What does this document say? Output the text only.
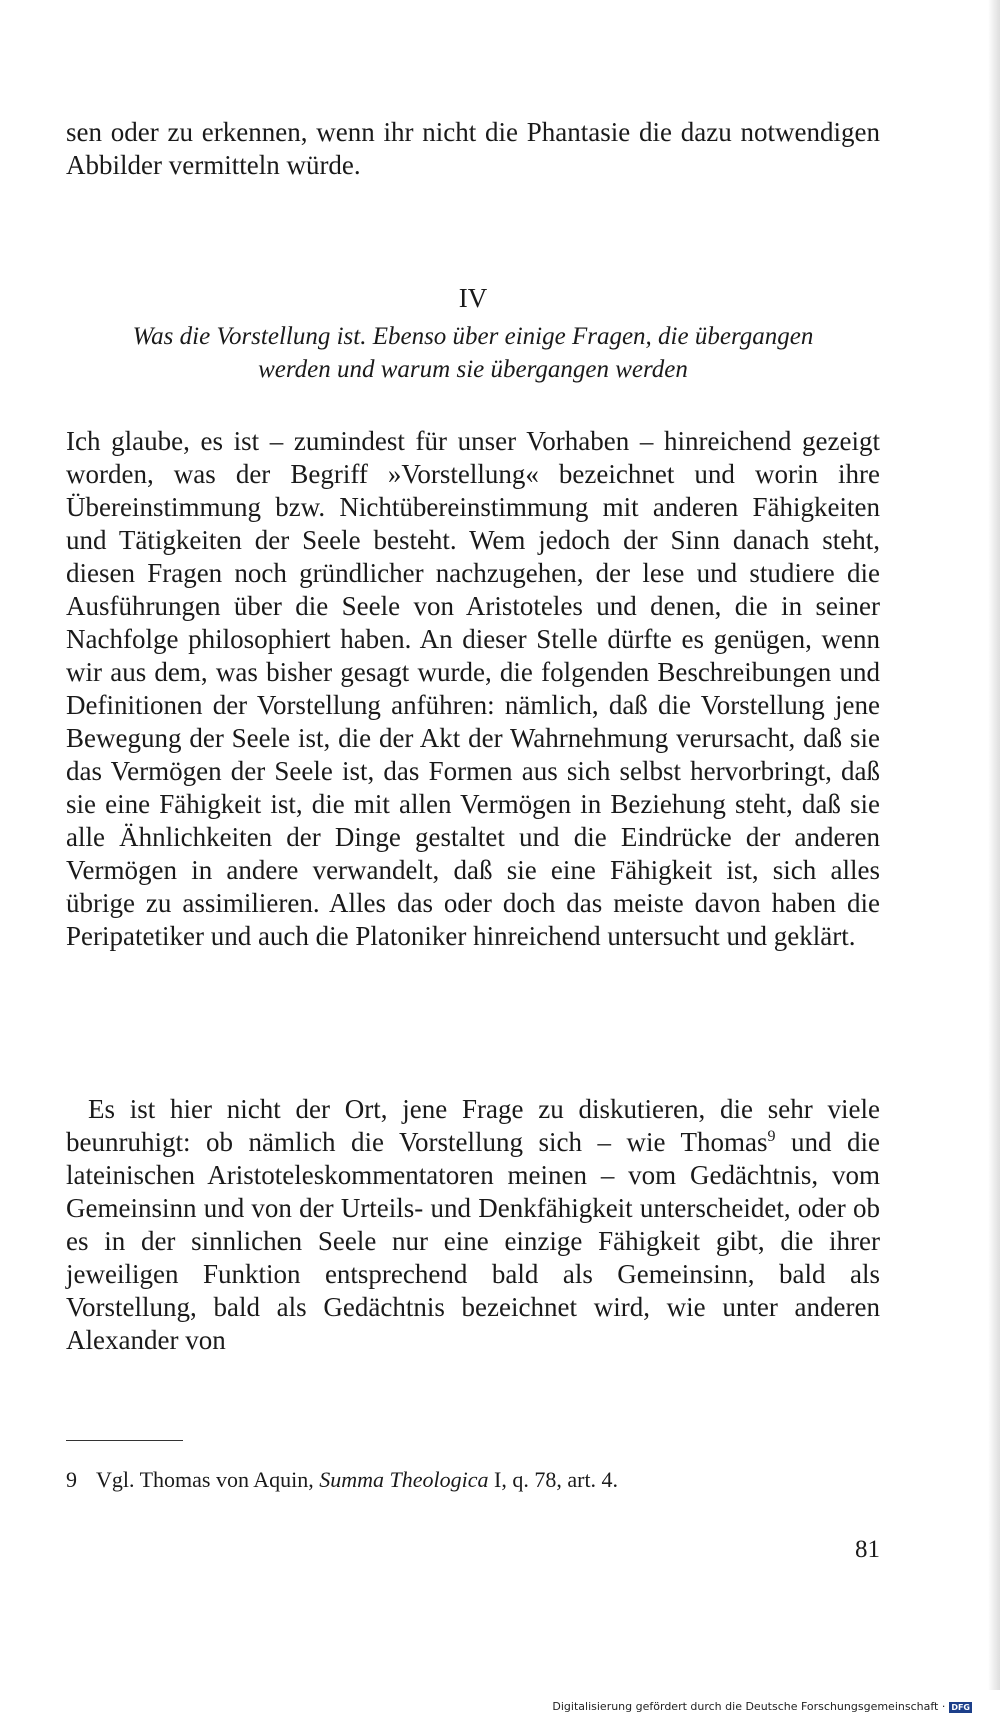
sen oder zu erkennen, wenn ihr nicht die Phantasie die dazu notwendigen Abbilder vermitteln würde.

IV
Was die Vorstellung ist. Ebenso über einige Fragen, die übergangen
werden und warum sie übergangen werden

Ich glaube, es ist – zumindest für unser Vorhaben – hinreichend gezeigt worden, was der Begriff »Vorstellung« bezeichnet und worin ihre Übereinstimmung bzw. Nichtübereinstimmung mit anderen Fähigkeiten und Tätigkeiten der Seele besteht. Wem jedoch der Sinn danach steht, diesen Fragen noch gründlicher nachzugehen, der lese und studiere die Ausführungen über die Seele von Aristoteles und denen, die in seiner Nachfolge philosophiert haben. An dieser Stelle dürfte es genügen, wenn wir aus dem, was bisher gesagt wurde, die folgenden Beschreibungen und Definitionen der Vorstellung anführen: nämlich, daß die Vorstellung jene Bewegung der Seele ist, die der Akt der Wahrnehmung verursacht, daß sie das Vermögen der Seele ist, das Formen aus sich selbst hervorbringt, daß sie eine Fähigkeit ist, die mit allen Vermögen in Beziehung steht, daß sie alle Ähnlichkeiten der Dinge gestaltet und die Eindrücke der anderen Vermögen in andere verwandelt, daß sie eine Fähigkeit ist, sich alles übrige zu assimilieren. Alles das oder doch das meiste davon haben die Peripatetiker und auch die Platoniker hinreichend untersucht und geklärt.

Es ist hier nicht der Ort, jene Frage zu diskutieren, die sehr viele beunruhigt: ob nämlich die Vorstellung sich – wie Thomas$^9$ und die lateinischen Aristoteleskommentatoren meinen – vom Gedächtnis, vom Gemeinsinn und von der Urteils- und Denkfähigkeit unterscheidet, oder ob es in der sinnlichen Seele nur eine einzige Fähigkeit gibt, die ihrer jeweiligen Funktion entsprechend bald als Gemeinsinn, bald als Vorstellung, bald als Gedächtnis bezeichnet wird, wie unter anderen Alexander von

9 Vgl. Thomas von Aquin, Summa Theologica I, q. 78, art. 4.

81
Digitalisierung gefördert durch die Deutsche Forschungsgemeinschaft · DFG
